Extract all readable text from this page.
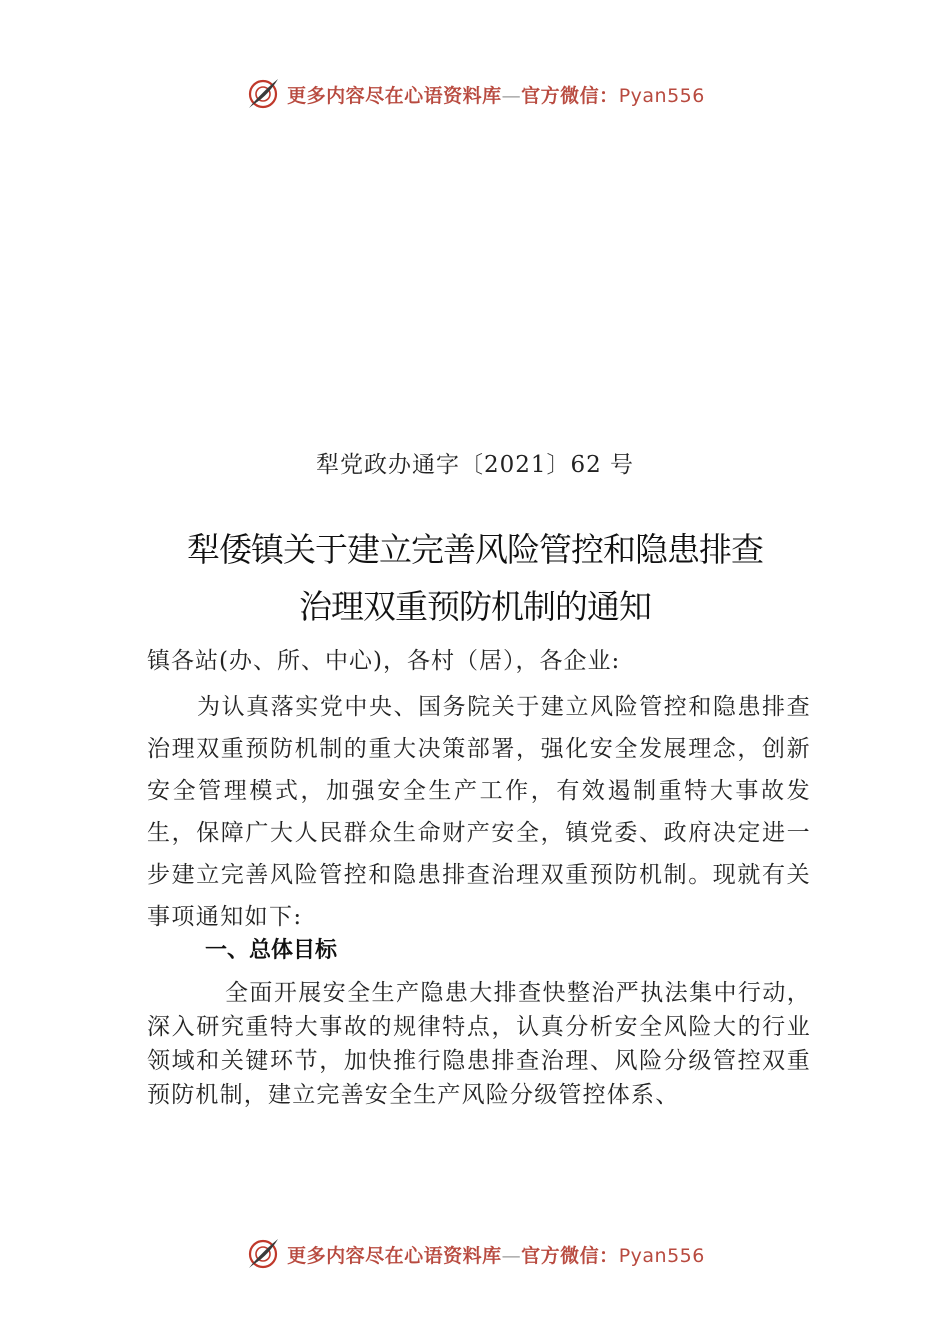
更多内容尽在心语资料库—官方微信：Pyan556
犁党政办通字〔2021〕62 号
犁倭镇关于建立完善风险管控和隐患排查
治理双重预防机制的通知
镇各站(办、所、中心)，各村（居），各企业:
为认真落实党中央、国务院关于建立风险管控和隐患排查治理双重预防机制的重大决策部署，强化安全发展理念，创新安全管理模式，加强安全生产工作，有效遏制重特大事故发生，保障广大人民群众生命财产安全，镇党委、政府决定进一步建立完善风险管控和隐患排查治理双重预防机制。现就有关事项通知如下:
一、总体目标
全面开展安全生产隐患大排查快整治严执法集中行动，深入研究重特大事故的规律特点，认真分析安全风险大的行业领域和关键环节，加快推行隐患排查治理、风险分级管控双重预防机制，建立完善安全生产风险分级管控体系、
更多内容尽在心语资料库—官方微信：Pyan556
